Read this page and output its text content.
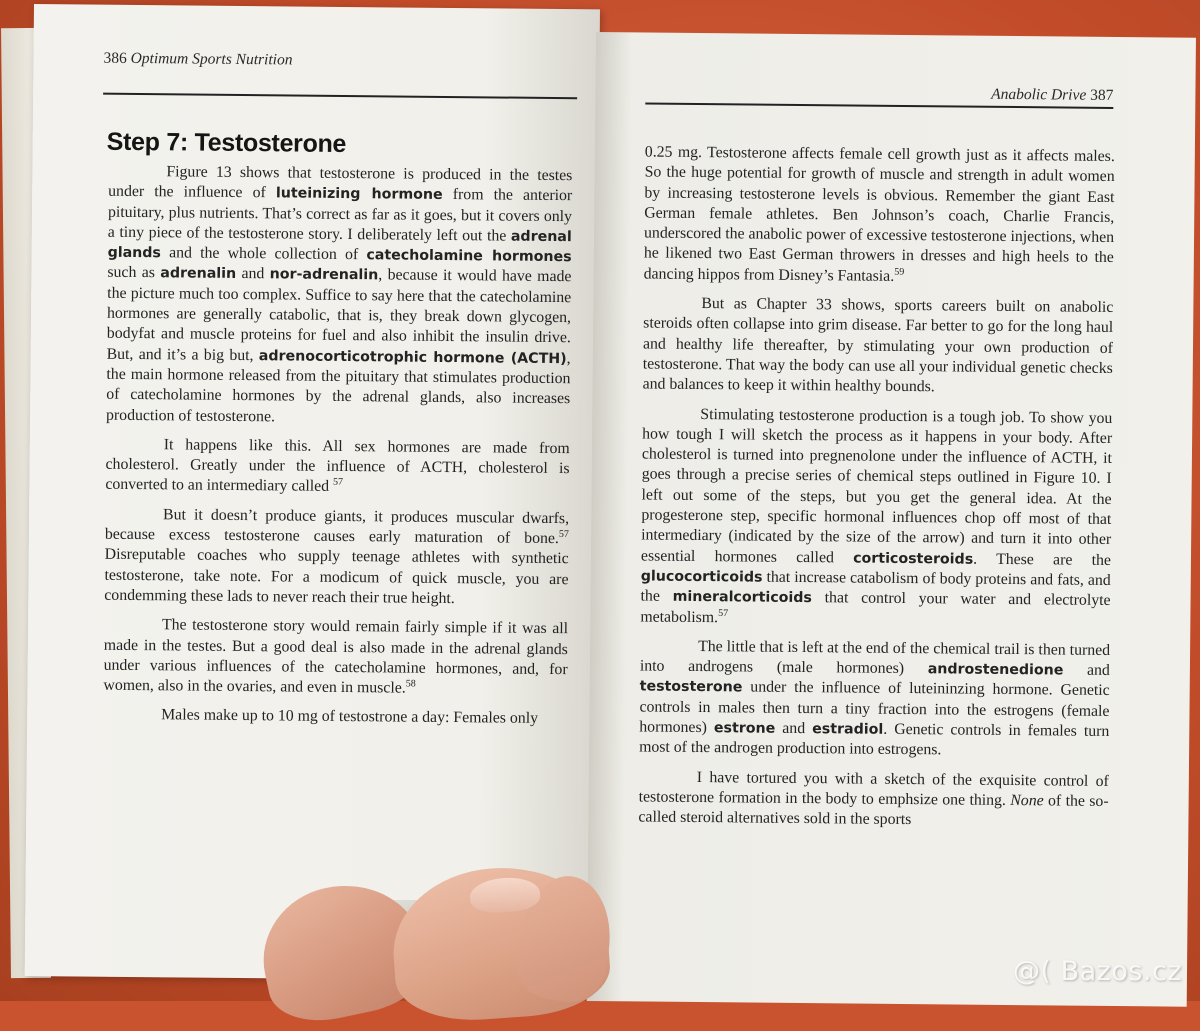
386 Optimum Sports Nutrition
Step 7: Testosterone

Figure 13 shows that testosterone is produced in the testes under the influence of luteinizing hormone from the anterior pituitary, plus nutrients. That’s correct as far as it goes, but it covers only a tiny piece of the testosterone story. I deliberately left out the adrenal glands and the whole collection of catecholamine hormones such as adrenalin and nor-adrenalin, because it would have made the picture much too complex. Suffice to say here that the catecholamine hormones are generally catabolic, that is, they break down glycogen, bodyfat and muscle proteins for fuel and also inhibit the insulin drive. But, and it’s a big but, adrenocorticotrophic hormone (ACTH), the main hormone released from the pituitary that stimulates production of catecholamine hormones by the adrenal glands, also increases production of testosterone.

It happens like this. All sex hormones are made from cholesterol. Greatly under the influence of ACTH, cholesterol is converted to an intermediary called $^{57}$

But it doesn’t produce giants, it produces muscular dwarfs, because excess testosterone causes early maturation of bone.$^{57}$ Disreputable coaches who supply teenage athletes with synthetic testosterone, take note. For a modicum of quick muscle, you are condemming these lads to never reach their true height.

The testosterone story would remain fairly simple if it was all made in the testes. But a good deal is also made in the adrenal glands under various influences of the catecholamine hormones, and, for women, also in the ovaries, and even in muscle.$^{58}$

Males make up to 10 mg of testostrone a day: Females only

Anabolic Drive 387

0.25 mg. Testosterone affects female cell growth just as it affects males. So the huge potential for growth of muscle and strength in adult women by increasing testosterone levels is obvious. Remember the giant East German female athletes. Ben Johnson’s coach, Charlie Francis, underscored the anabolic power of excessive testosterone injections, when he likened two East German throwers in dresses and high heels to the dancing hippos from Disney’s Fantasia.$^{59}$

But as Chapter 33 shows, sports careers built on anabolic steroids often collapse into grim disease. Far better to go for the long haul and healthy life thereafter, by stimulating your own production of testosterone. That way the body can use all your individual genetic checks and balances to keep it within healthy bounds.

Stimulating testosterone production is a tough job. To show you how tough I will sketch the process as it happens in your body. After cholesterol is turned into pregnenolone under the influence of ACTH, it goes through a precise series of chemical steps outlined in Figure 10. I left out some of the steps, but you get the general idea. At the progesterone step, specific hormonal influences chop off most of that intermediary (indicated by the size of the arrow) and turn it into other essential hormones called corticosteroids. These are the glucocorticoids that increase catabolism of body proteins and fats, and the mineralcorticoids that control your water and electrolyte metabolism.$^{57}$

The little that is left at the end of the chemical trail is then turned into androgens (male hormones) androstenedione and testosterone under the influence of luteininzing hormone. Genetic controls in males then turn a tiny fraction into the estrogens (female hormones) estrone and estradiol. Genetic controls in females turn most of the androgen production into estrogens.

I have tortured you with a sketch of the exquisite control of testosterone formation in the body to emphsize one thing. None of the so-called steroid alternatives sold in the sports

@( Bazos.cz
